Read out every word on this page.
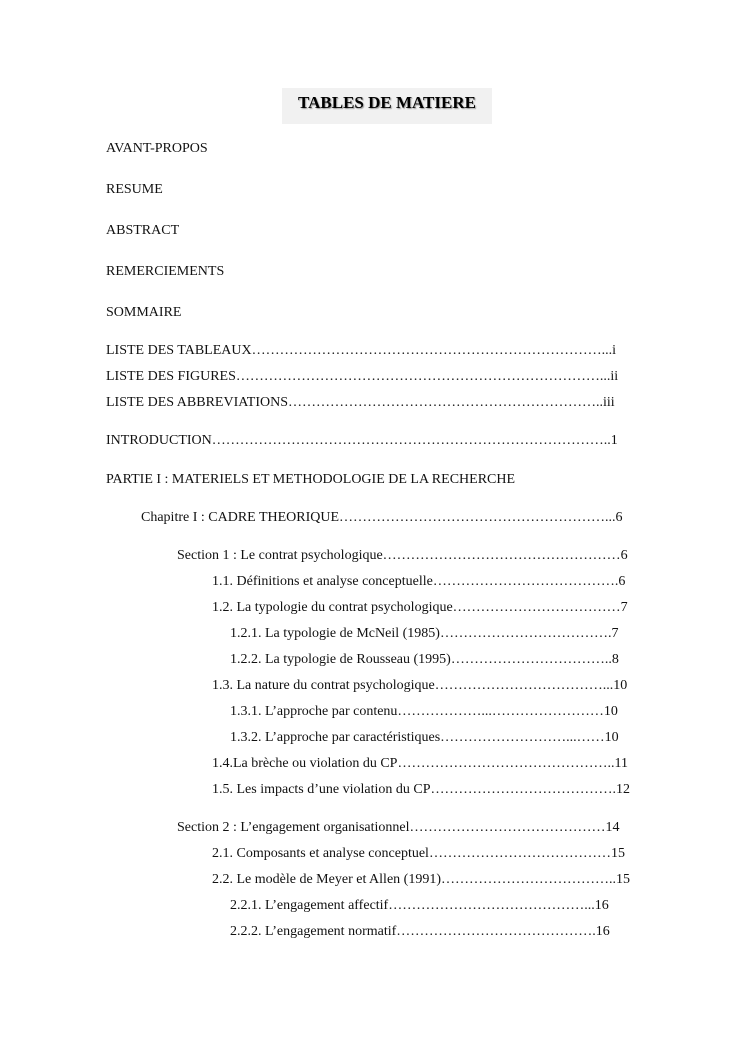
TABLES DE MATIERE
AVANT-PROPOS
RESUME
ABSTRACT
REMERCIEMENTS
SOMMAIRE
LISTE DES TABLEAUX…………………………………………………………………...i
LISTE DES FIGURES……………………………………………………………………...ii
LISTE DES ABBREVIATIONS…………………………………………………………..iii
INTRODUCTION…………………………………………………………………………..1
PARTIE I : MATERIELS ET METHODOLOGIE DE LA RECHERCHE
Chapitre I : CADRE THEORIQUE…………………………………………………...6
Section 1 : Le contrat psychologique……………………………………………6
1.1. Définitions et analyse conceptuelle………………………………….6
1.2. La typologie du contrat psychologique………………………………7
1.2.1. La typologie de McNeil (1985)……………………………….7
1.2.2. La typologie de Rousseau (1995)……………………………..8
1.3. La nature du contrat psychologique………………………………...10
1.3.1. L’approche par contenu………………...……………………10
1.3.2. L’approche par caractéristiques………………………...……10
1.4.La brèche ou violation du CP………………………………………..11
1.5. Les impacts d’une violation du CP………………………………….12
Section 2 : L’engagement organisationnel……………………………………14
2.1. Composants et analyse conceptuel…………………………………15
2.2. Le modèle de Meyer et Allen (1991)………………………………..15
2.2.1. L’engagement affectif……………………………………...16
2.2.2. L’engagement normatif…………………………………….16
